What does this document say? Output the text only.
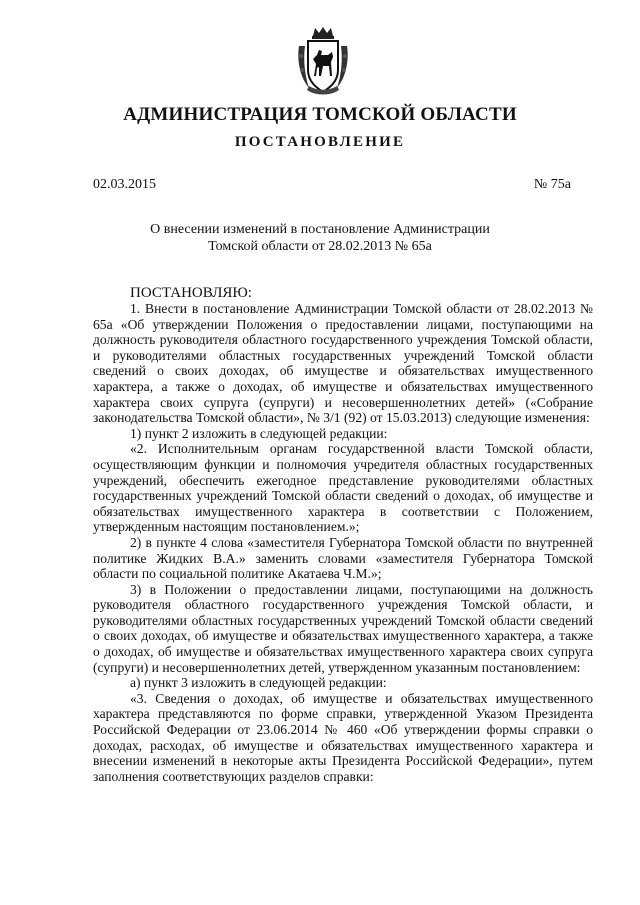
АДМИНИСТРАЦИЯ ТОМСКОЙ ОБЛАСТИ
ПОСТАНОВЛЕНИЕ
02.03.2015	№ 75а
О внесении изменений в постановление Администрации
Томской области от 28.02.2013 № 65а

ПОСТАНОВЛЯЮ:

1. Внести в постановление Администрации Томской области от 28.02.2013 № 65а «Об утверждении Положения о предоставлении лицами, поступающими на должность руководителя областного государственного учреждения Томской области, и руководителями областных государственных учреждений Томской области сведений о своих доходах, об имуществе и обязательствах имущественного характера, а также о доходах, об имуществе и обязательствах имущественного характера своих супруга (супруги) и несовершеннолетних детей» («Собрание законодательства Томской области», № 3/1 (92) от 15.03.2013) следующие изменения:

1) пункт 2 изложить в следующей редакции:

«2. Исполнительным органам государственной власти Томской области, осуществляющим функции и полномочия учредителя областных государственных учреждений, обеспечить ежегодное представление руководителями областных государственных учреждений Томской области сведений о доходах, об имуществе и обязательствах имущественного характера в соответствии с Положением, утвержденным настоящим постановлением.»;

2) в пункте 4 слова «заместителя Губернатора Томской области по внутренней политике Жидких В.А.» заменить словами «заместителя Губернатора Томской области по социальной политике Акатаева Ч.М.»;

3) в Положении о предоставлении лицами, поступающими на должность руководителя областного государственного учреждения Томской области, и руководителями областных государственных учреждений Томской области сведений о своих доходах, об имуществе и обязательствах имущественного характера, а также о доходах, об имуществе и обязательствах имущественного характера своих супруга (супруги) и несовершеннолетних детей, утвержденном указанным постановлением:

а) пункт 3 изложить в следующей редакции:

«3. Сведения о доходах, об имуществе и обязательствах имущественного характера представляются по форме справки, утвержденной Указом Президента Российской Федерации от 23.06.2014 № 460 «Об утверждении формы справки о доходах, расходах, об имуществе и обязательствах имущественного характера и внесении изменений в некоторые акты Президента Российской Федерации», путем заполнения соответствующих разделов справки:
